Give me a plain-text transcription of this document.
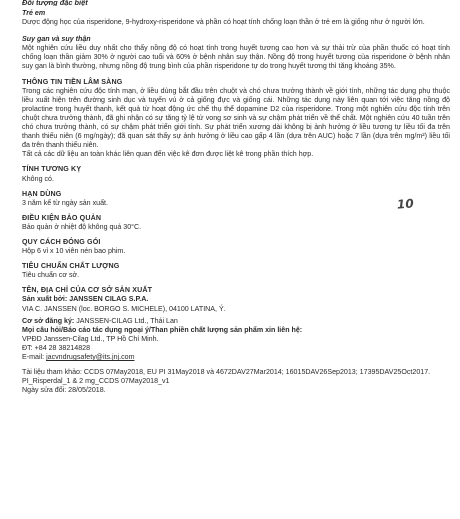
Đối tượng đặc biệt

Trẻ em

Dược động học của risperidone, 9-hydroxy-risperidone và phần có hoạt tính chống loạn thần ở trẻ em là giống như ở người lớn.

Suy gan và suy thận

Một nghiên cứu liều duy nhất cho thấy nồng độ có hoạt tính trong huyết tương cao hơn và sự thải trừ của phần thuốc có hoạt tính chống loạn thần giảm 30% ở người cao tuổi và 60% ở bệnh nhân suy thận. Nồng độ trong huyết tương của risperidone ở bệnh nhân suy gan là bình thường, nhưng nồng độ trung bình của phần risperidone tự do trong huyết tương thì tăng khoảng 35%.

THÔNG TIN TIỀN LÂM SÀNG

Trong các nghiên cứu độc tính mạn, ở liều dùng bắt đầu trên chuột và chó chưa trưởng thành về giới tính, những tác dụng phụ thuộc liều xuất hiện trên đường sinh dục và tuyến vú ở cả giống đực và giống cái. Những tác dụng này liên quan tới việc tăng nồng độ prolactine trong huyết thanh, kết quả từ hoạt động ức chế thụ thể dopamine D2 của risperidone. Trong một nghiên cứu độc tính trên chuột chưa trưởng thành, đã ghi nhận có sự tăng tỷ lệ tử vong sơ sinh và sự chậm phát triển về thể chất. Một nghiên cứu 40 tuần trên chó chưa trưởng thành, có sự chậm phát triển giới tính. Sự phát triển xương dài không bị ảnh hưởng ở liều tương tự liều tối đa trên thanh thiếu niên (6 mg/ngày); đã quan sát thấy sự ảnh hưởng ở liều cao gấp 4 lần (dựa trên AUC) hoặc 7 lần (dựa trên mg/m²) liều tối đa trên thanh thiếu niên.

Tất cả các dữ liệu an toàn khác liên quan đến việc kê đơn được liệt kê trong phần thích hợp.

TÍNH TƯƠNG KỴ

Không có.

HẠN DÙNG

3 năm kể từ ngày sản xuất.

ĐIỀU KIỆN BẢO QUẢN

Bảo quản ở nhiệt độ không quá 30°C.

QUY CÁCH ĐÓNG GÓI

Hộp 6 vỉ x 10 viên nén bao phim.

TIÊU CHUẨN CHẤT LƯỢNG

Tiêu chuẩn cơ sở.

TÊN, ĐỊA CHỈ CỦA CƠ SỞ SẢN XUẤT

Sản xuất bởi: JANSSEN CILAG S.P.A.

VIA C. JANSSEN (loc. BORGO S. MICHELE), 04100 LATINA, Ý.

Cơ sở đăng ký: JANSSEN-CILAG Ltd., Thái Lan

Mọi câu hỏi/Báo cáo tác dụng ngoại ý/Than phiền chất lượng sản phẩm xin liên hệ:

VPĐD Janssen-Cilag Ltd., TP Hồ Chí Minh.

ĐT: +84 28 38214828

E-mail: jacvndrugsafety@its.jnj.com

Tài liệu tham khảo: CCDS 07May2018, EU PI 31May2018 và 4672DAV27Mar2014; 16015DAV26Sep2013; 17395DAV25Oct2017.

PI_Risperdal_1 & 2 mg_CCDS 07May2018_v1

Ngày sửa đổi: 28/05/2018.

10
